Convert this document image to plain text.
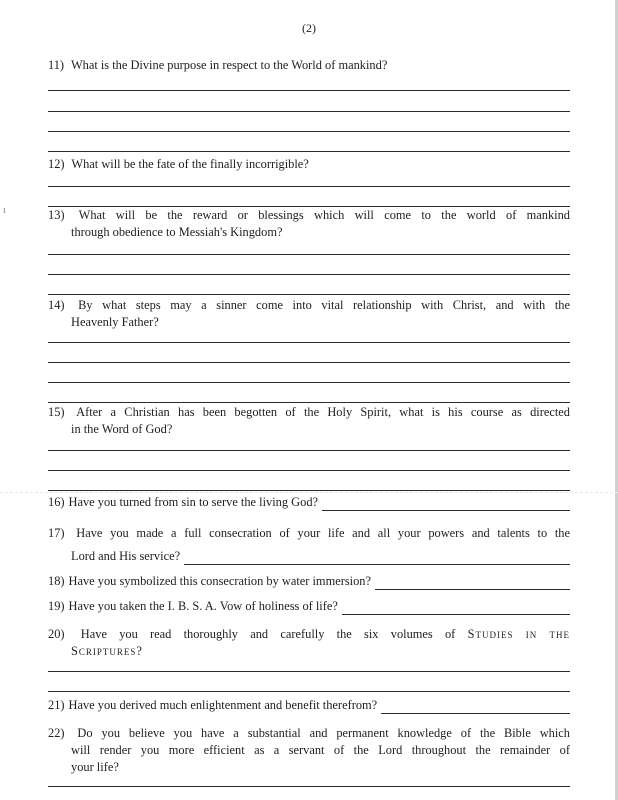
ı
(2)
11) What is the Divine purpose in respect to the World of mankind?
12) What will be the fate of the finally incorrigible?
13) What will be the reward or blessings which will come to the world of mankind
through obedience to Messiah's Kingdom?
14) By what steps may a sinner come into vital relationship with Christ, and with the
Heavenly Father?
15) After a Christian has been begotten of the Holy Spirit, what is his course as directed
in the Word of God?
16) Have you turned from sin to serve the living God?
17) Have you made a full consecration of your life and all your powers and talents to the
Lord and His service?
18) Have you symbolized this consecration by water immersion?
19) Have you taken the I. B. S. A. Vow of holiness of life?
20) Have you read thoroughly and carefully the six volumes of Studies in the
Scriptures?
21) Have you derived much enlightenment and benefit therefrom?
22) Do you believe you have a substantial and permanent knowledge of the Bible which
will render you more efficient as a servant of the Lord throughout the remainder of
your life?
